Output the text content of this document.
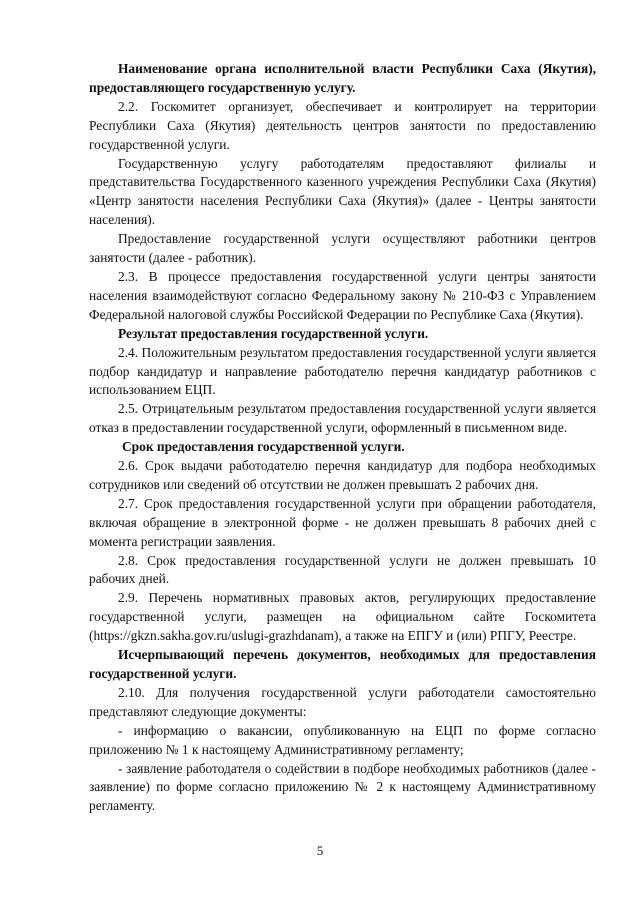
Наименование органа исполнительной власти Республики Саха (Якутия), предоставляющего государственную услугу.

2.2. Госкомитет организует, обеспечивает и контролирует на территории Республики Саха (Якутия) деятельность центров занятости по предоставлению государственной услуги.

Государственную услугу работодателям предоставляют филиалы и представительства Государственного казенного учреждения Республики Саха (Якутия) «Центр занятости населения Республики Саха (Якутия)» (далее - Центры занятости населения).

Предоставление государственной услуги осуществляют работники центров занятости (далее - работник).

2.3. В процессе предоставления государственной услуги центры занятости населения взаимодействуют согласно Федеральному закону № 210-ФЗ с Управлением Федеральной налоговой службы Российской Федерации по Республике Саха (Якутия).

Результат предоставления государственной услуги.

2.4. Положительным результатом предоставления государственной услуги является подбор кандидатур и направление работодателю перечня кандидатур работников с использованием ЕЦП.

2.5. Отрицательным результатом предоставления государственной услуги является отказ в предоставлении государственной услуги, оформленный в письменном виде.

Срок предоставления государственной услуги.

2.6. Срок выдачи работодателю перечня кандидатур для подбора необходимых сотрудников или сведений об отсутствии не должен превышать 2 рабочих дня.

2.7. Срок предоставления государственной услуги при обращении работодателя, включая обращение в электронной форме - не должен превышать 8 рабочих дней с момента регистрации заявления.

2.8. Срок предоставления государственной услуги не должен превышать 10 рабочих дней.

2.9. Перечень нормативных правовых актов, регулирующих предоставление государственной услуги, размещен на официальном сайте Госкомитета (https://gkzn.sakha.gov.ru/uslugi-grazhdanam), а также на ЕПГУ и (или) РПГУ, Реестре.

Исчерпывающий перечень документов, необходимых для предоставления государственной услуги.

2.10. Для получения государственной услуги работодатели самостоятельно представляют следующие документы:

- информацию о вакансии, опубликованную на ЕЦП по форме согласно приложению № 1 к настоящему Административному регламенту;

- заявление работодателя о содействии в подборе необходимых работников (далее - заявление) по форме согласно приложению № 2 к настоящему Административному регламенту.

5
